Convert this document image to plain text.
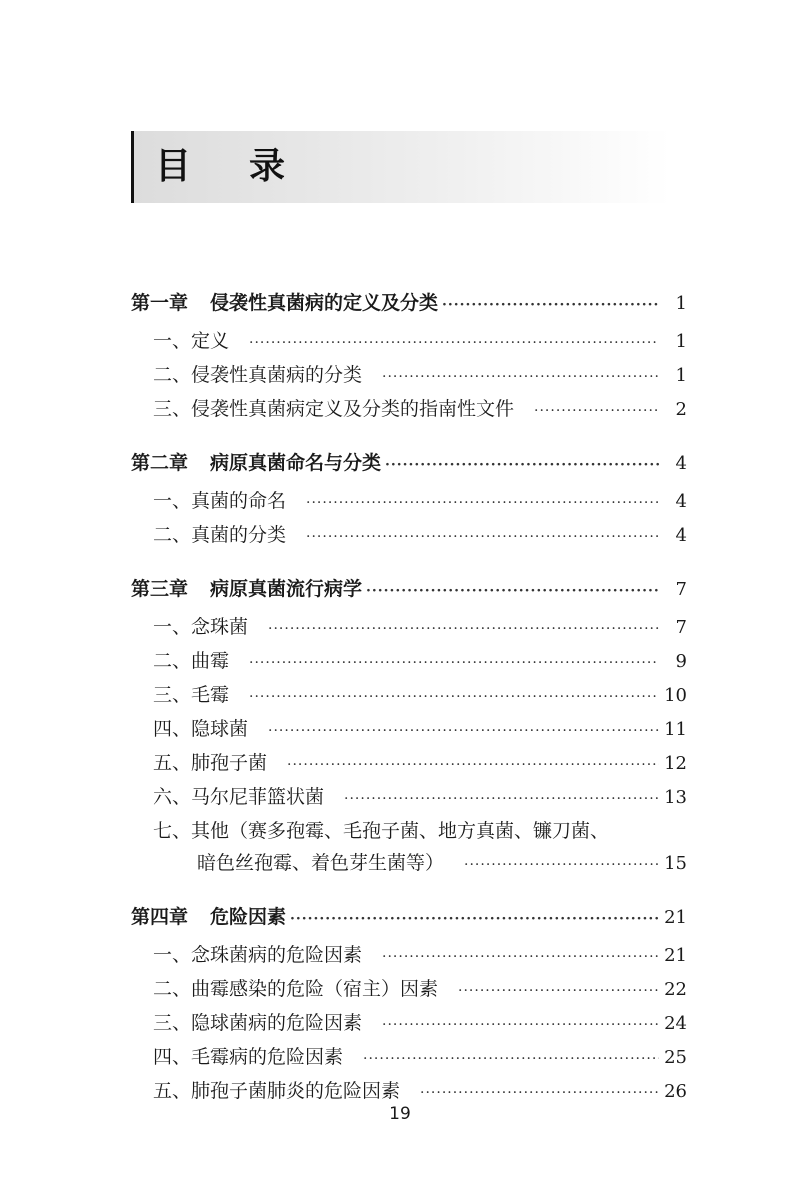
目录
第一章 侵袭性真菌病的定义及分类 ·····	1
一、定义 ·····	1
二、侵袭性真菌病的分类 ·····	1
三、侵袭性真菌病定义及分类的指南性文件 ·····	2
第二章 病原真菌命名与分类 ·····	4
一、真菌的命名 ·····	4
二、真菌的分类 ·····	4
第三章 病原真菌流行病学 ·····	7
一、念珠菌 ·····	7
二、曲霉 ·····	9
三、毛霉 ·····	10
四、隐球菌 ·····	11
五、肺孢子菌 ·····	12
六、马尔尼菲篮状菌 ·····	13
七、其他（赛多孢霉、毛孢子菌、地方真菌、镰刀菌、
暗色丝孢霉、着色芽生菌等） ·····	15
第四章 危险因素 ·····	21
一、念珠菌病的危险因素 ·····	21
二、曲霉感染的危险（宿主）因素 ·····	22
三、隐球菌病的危险因素 ·····	24
四、毛霉病的危险因素 ·····	25
五、肺孢子菌肺炎的危险因素 ·····	26
19
